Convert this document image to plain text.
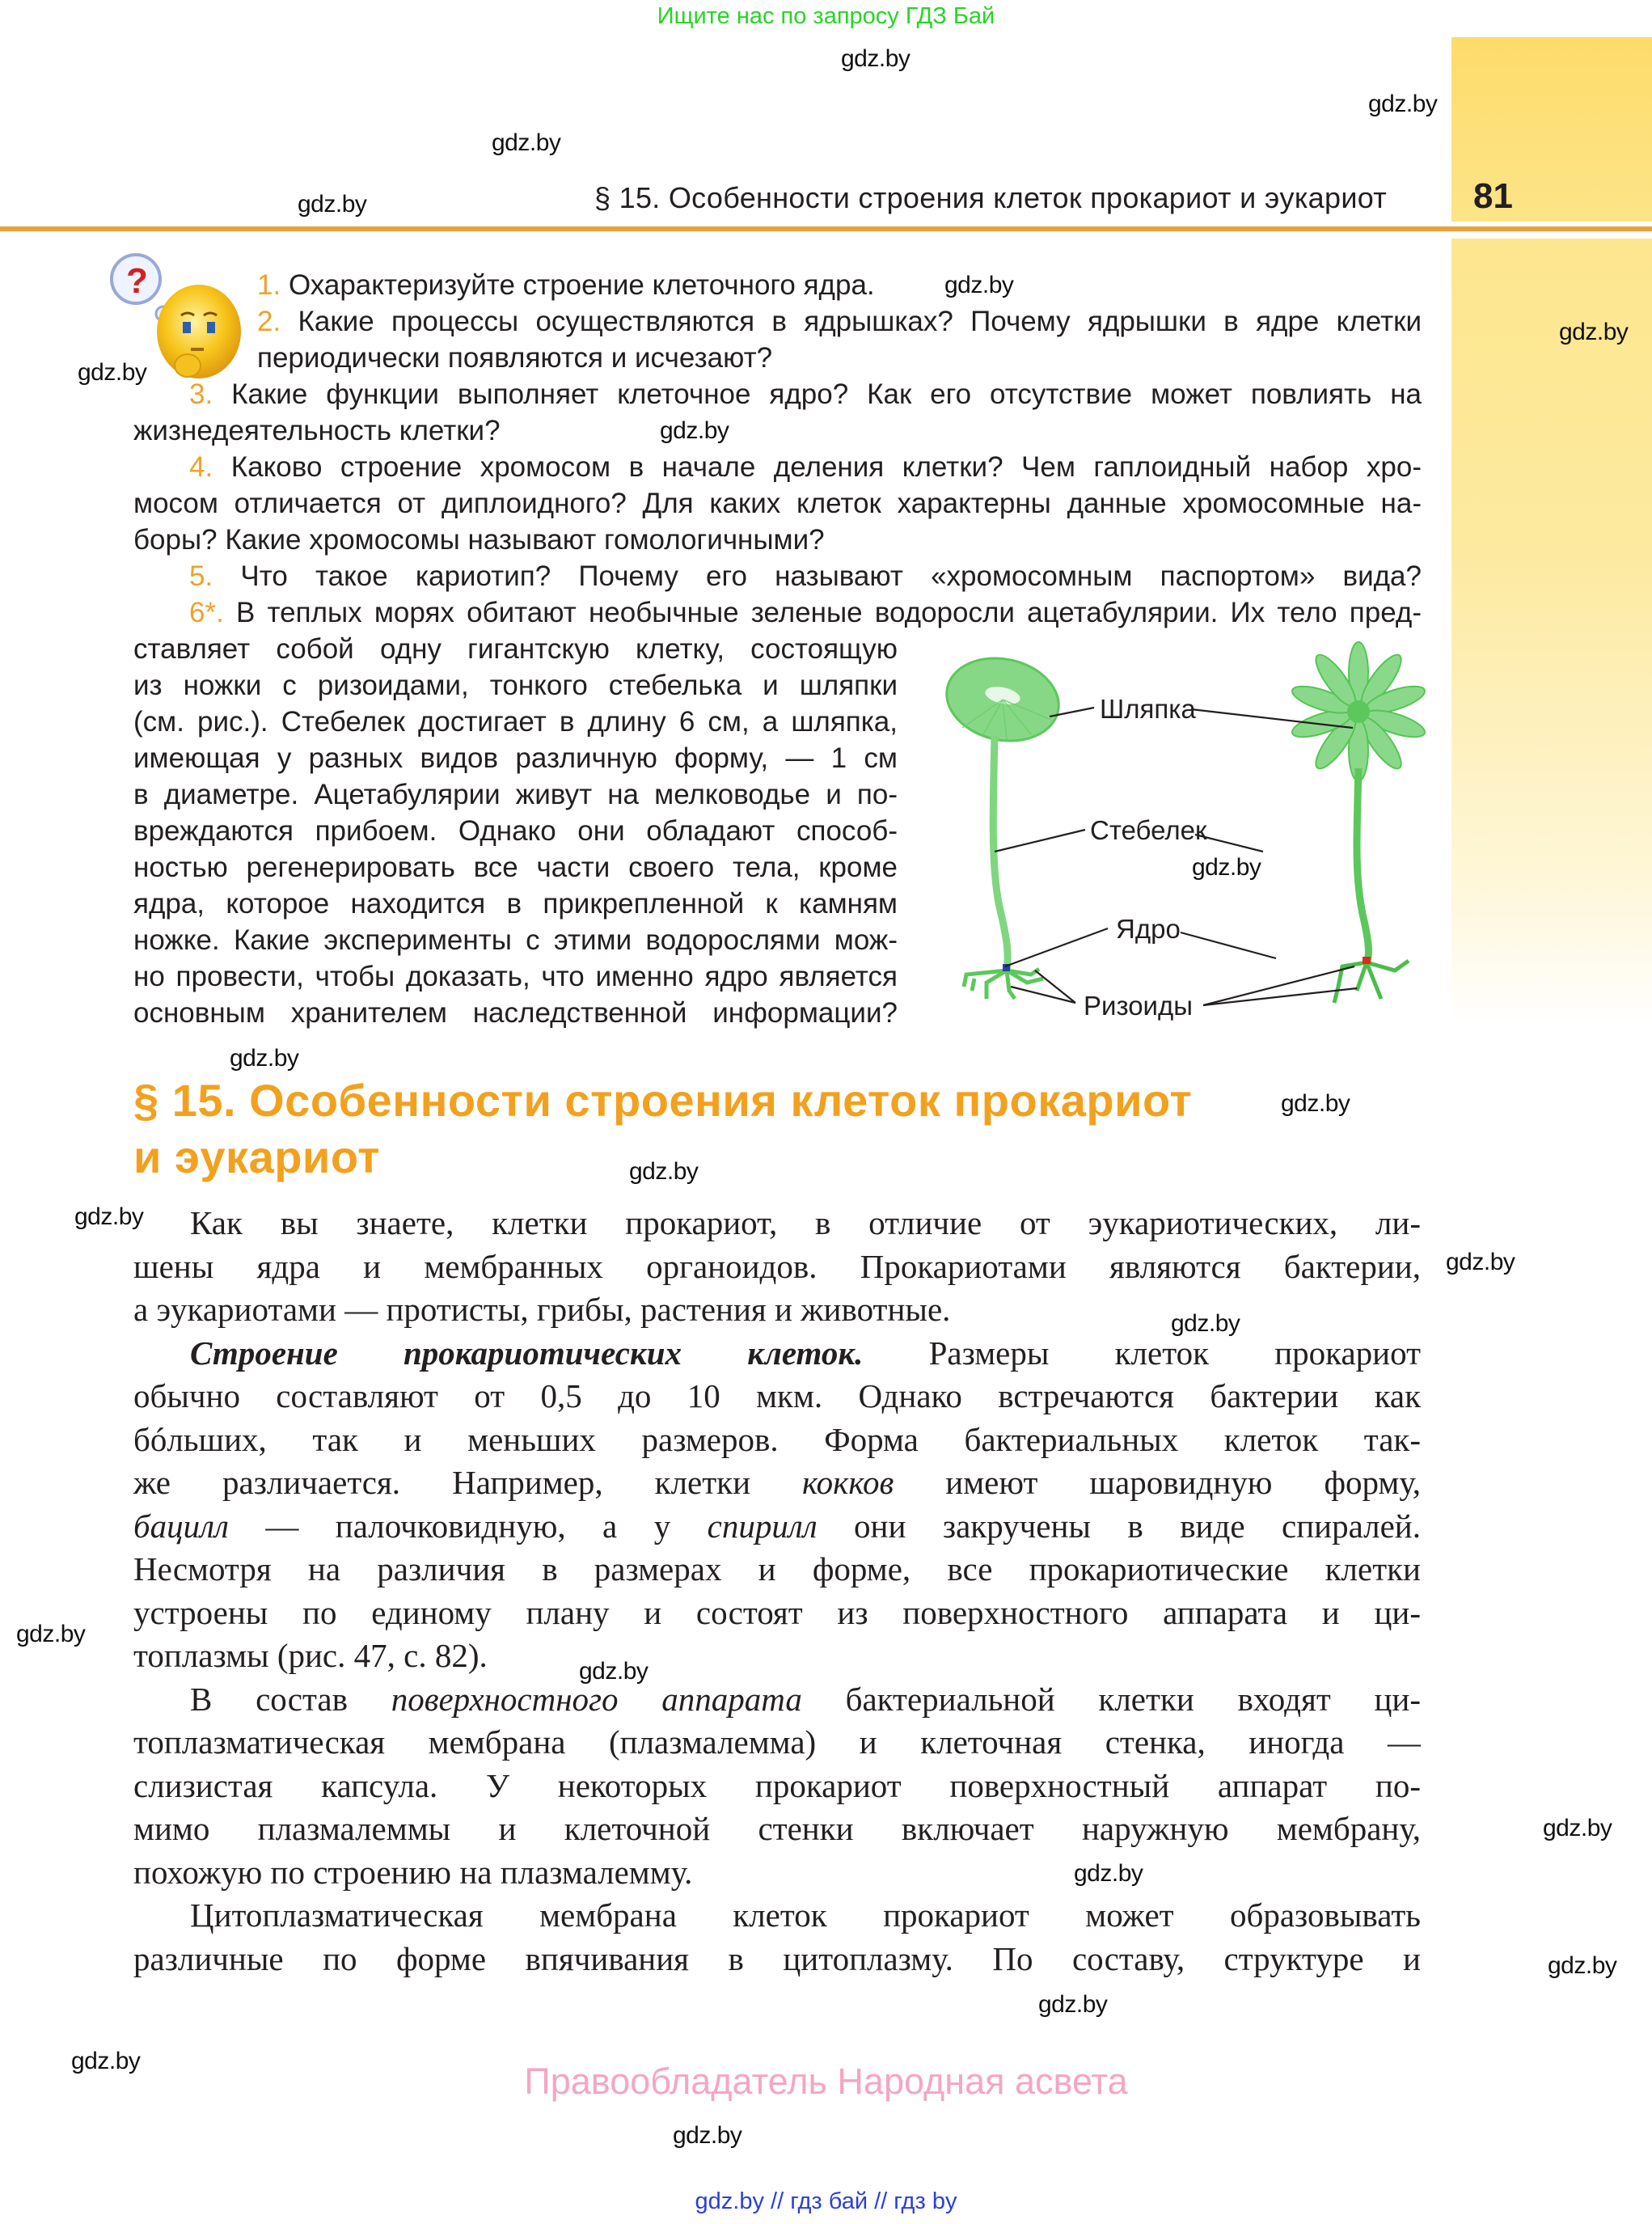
Ищите нас по запросу ГДЗ Бай
§ 15. Особенности строения клеток прокариот и эукариот 81
gdz.by
gdz.by
gdz.by
gdz.by
gdz.by
gdz.by
gdz.by
gdz.by
gdz.by
gdz.by
gdz.by
gdz.by
gdz.by
gdz.by
gdz.by
gdz.by
gdz.by
gdz.by
gdz.by
gdz.by
gdz.by
gdz.by
gdz.by
?	1. Охарактеризуйте строение клеточного ядра.
2. Какие процессы осуществляются в ядрышках? Почему ядрышки в ядре клетки
периодически появляются и исчезают?
3. Какие функции выполняет клеточное ядро? Как его отсутствие может повлиять на
жизнедеятельность клетки?
4. Каково строение хромосом в начале деления клетки? Чем гаплоидный набор хро-
мосом отличается от диплоидного? Для каких клеток характерны данные хромосомные на-
боры? Какие хромосомы называют гомологичными?
5. Что такое кариотип? Почему его называют «хромосомным паспортом» вида?
6*. В теплых морях обитают необычные зеленые водоросли ацетабулярии. Их тело пред-
ставляет собой одну гигантскую клетку, состоящую
из ножки с ризоидами, тонкого стебелька и шляпки
(см. рис.). Стебелек достигает в длину 6 см, а шляпка,
имеющая у разных видов различную форму, — 1 см
в диаметре. Ацетабулярии живут на мелководье и по-
вреждаются прибоем. Однако они обладают способ-
ностью регенерировать все части своего тела, кроме
ядра, которое находится в прикрепленной к камням
ножке. Какие эксперименты с этими водорослями мож-
но провести, чтобы доказать, что именно ядро является
основным хранителем наследственной информации?
Шляпка
Стебелек
Ядро
Ризоиды
§ 15. Особенности строения клеток прокариот
и эукариот
Как вы знаете, клетки прокариот, в отличие от эукариотических, ли-
шены ядра и мембранных органоидов. Прокариотами являются бактерии,
а эукариотами — протисты, грибы, растения и животные.
Строение прокариотических клеток. Размеры клеток прокариот
обычно составляют от 0,5 до 10 мкм. Однако встречаются бактерии как
бóльших, так и меньших размеров. Форма бактериальных клеток так-
же различается. Например, клетки кокков имеют шаровидную форму,
бацилл — палочковидную, а у спирилл они закручены в виде спиралей.
Несмотря на различия в размерах и форме, все прокариотические клетки
устроены по единому плану и состоят из поверхностного аппарата и ци-
топлазмы (рис. 47, с. 82).
В состав поверхностного аппарата бактериальной клетки входят ци-
топлазматическая мембрана (плазмалемма) и клеточная стенка, иногда —
слизистая капсула. У некоторых прокариот поверхностный аппарат по-
мимо плазмалеммы и клеточной стенки включает наружную мембрану,
похожую по строению на плазмалемму.
Цитоплазматическая мембрана клеток прокариот может образовывать
различные по форме впячивания в цитоплазму. По составу, структуре и
Правообладатель Народная асвета
gdz.by // гдз бай // гдз by
